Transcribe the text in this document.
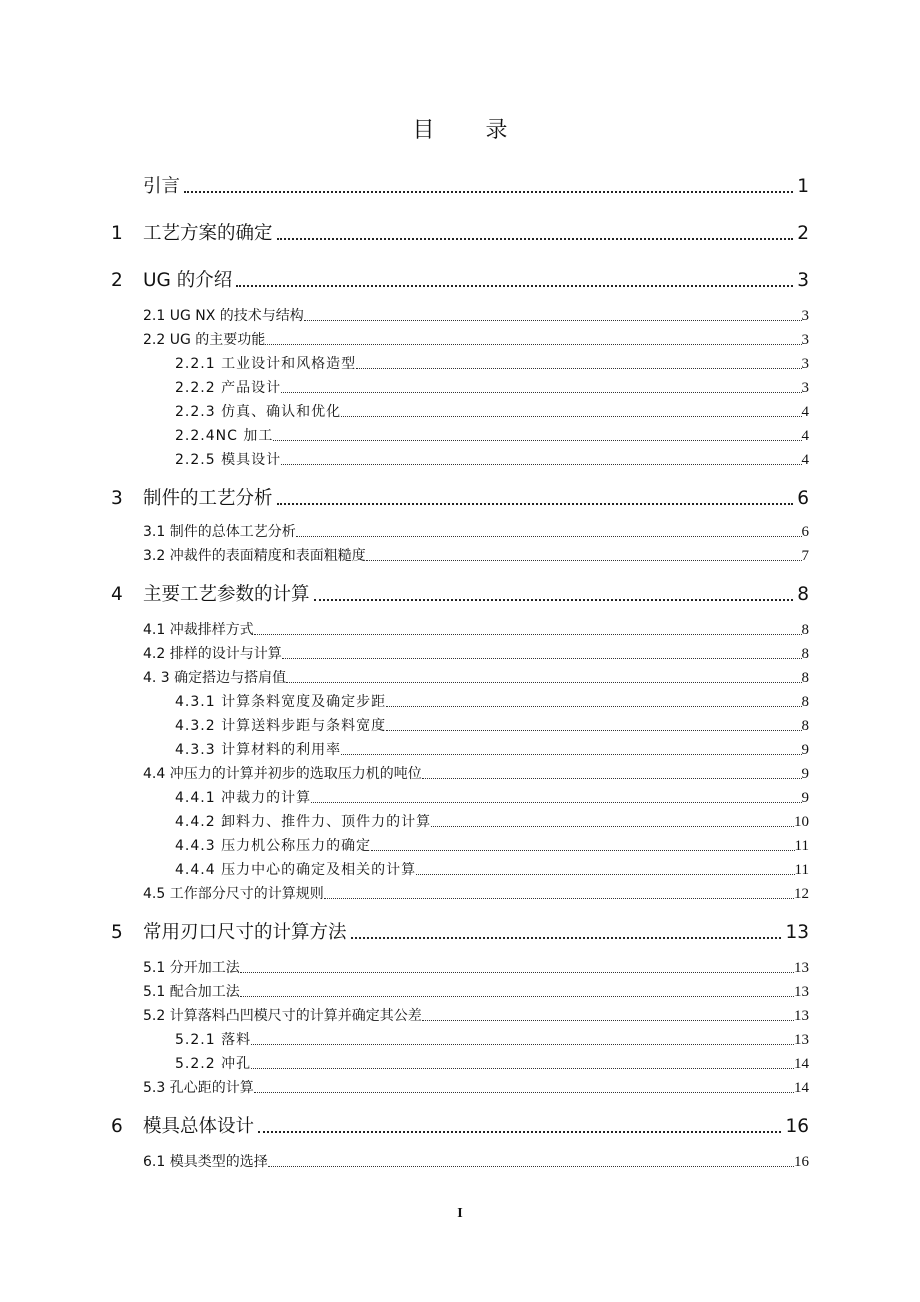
目 录
引言	1
1	工艺方案的确定	2
2	UG 的介绍	3
2.1 UG NX 的技术与结构	3
2.2 UG 的主要功能	3
2.2.1 工业设计和风格造型	3
2.2.2 产品设计	3
2.2.3 仿真、确认和优化	4
2.2.4NC 加工	4
2.2.5 模具设计	4
3	制件的工艺分析	6
3.1 制件的总体工艺分析	6
3.2 冲裁件的表面精度和表面粗糙度	7
4	主要工艺参数的计算	8
4.1 冲裁排样方式	8
4.2 排样的设计与计算	8
4. 3 确定搭边与搭肩值	8
4.3.1 计算条料宽度及确定步距	8
4.3.2 计算送料步距与条料宽度	8
4.3.3 计算材料的利用率	9
4.4 冲压力的计算并初步的选取压力机的吨位	9
4.4.1 冲裁力的计算	9
4.4.2 卸料力、推件力、顶件力的计算	10
4.4.3 压力机公称压力的确定	11
4.4.4 压力中心的确定及相关的计算	11
4.5 工作部分尺寸的计算规则	12
5	常用刃口尺寸的计算方法	13
5.1 分开加工法	13
5.1 配合加工法	13
5.2 计算落料凸凹模尺寸的计算并确定其公差	13
5.2.1 落料	13
5.2.2 冲孔	14
5.3 孔心距的计算	14
6	模具总体设计	16
6.1 模具类型的选择	16
I
